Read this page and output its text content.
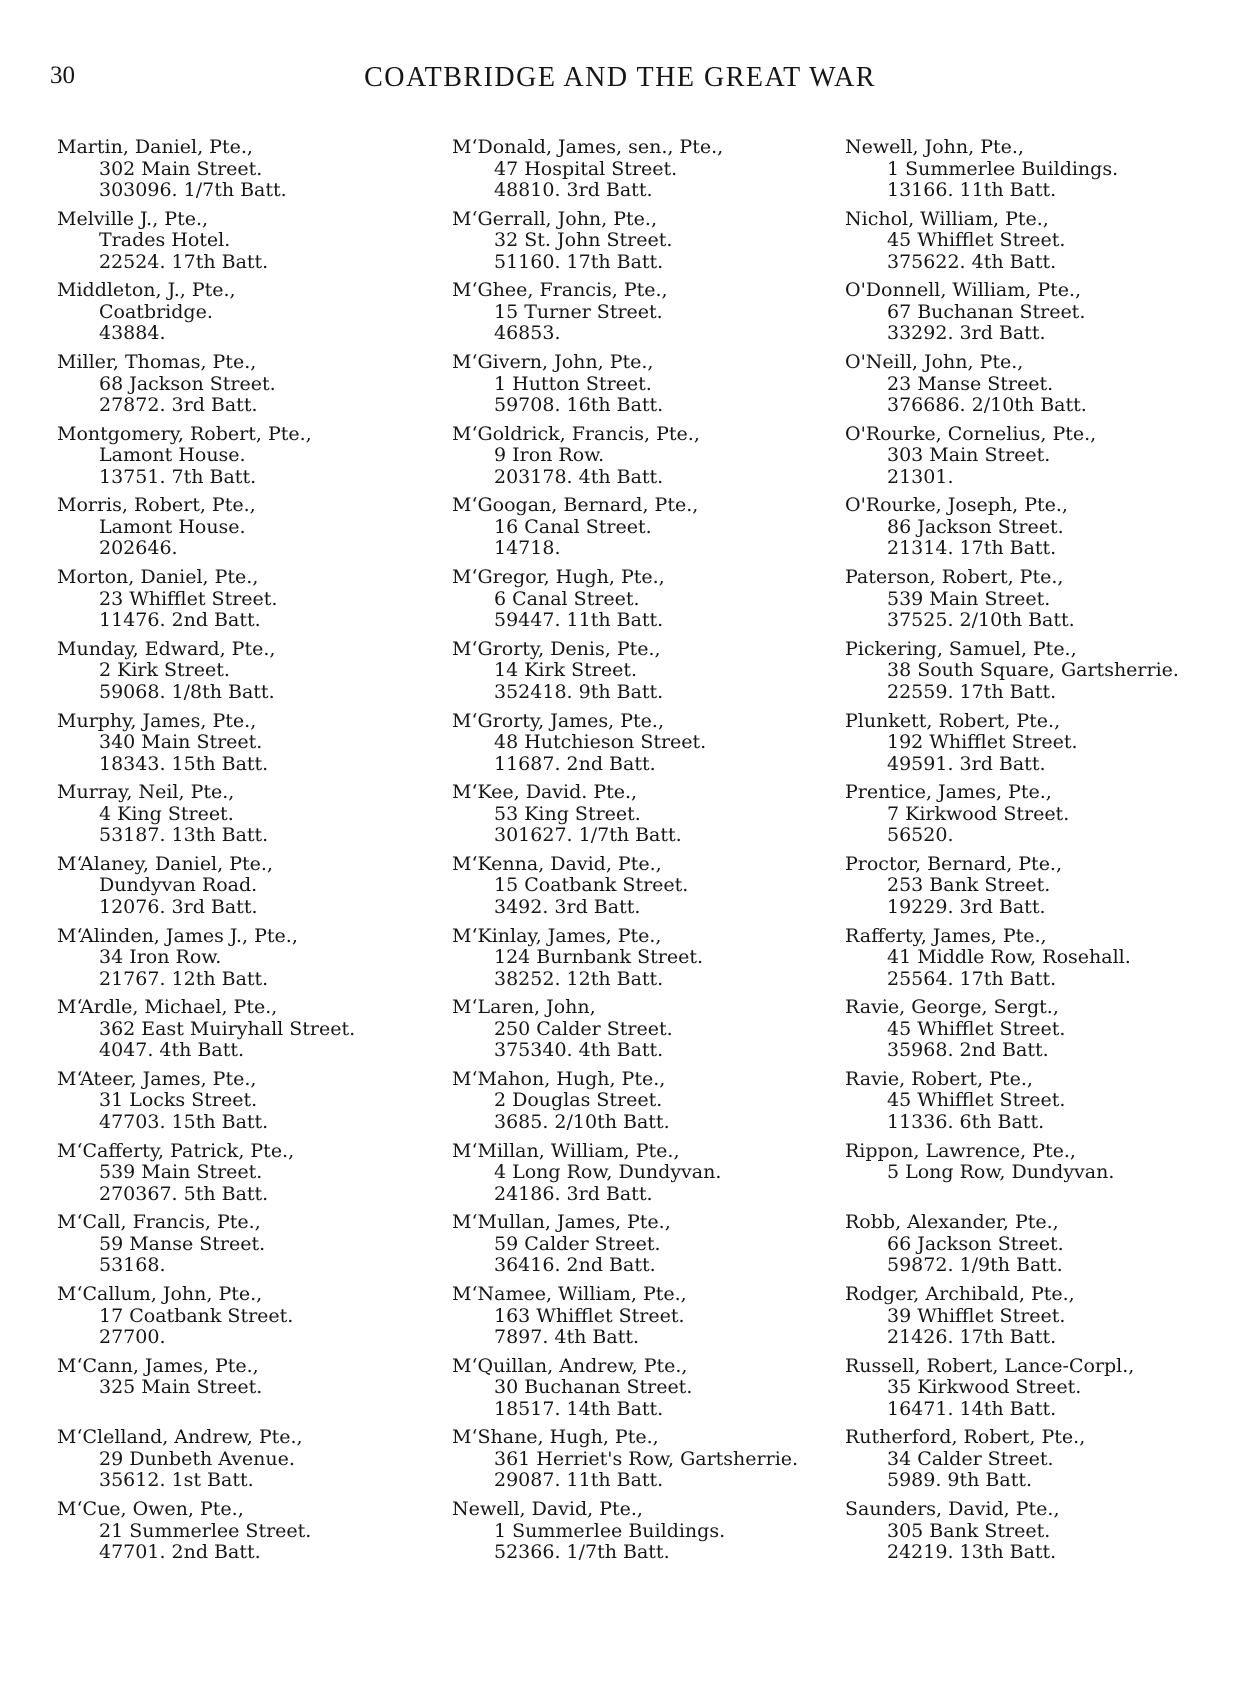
30	COATBRIDGE AND THE GREAT WAR
Martin, Daniel, Pte.,
302 Main Street.
303096. 1/7th Batt.
Melville J., Pte.,
Trades Hotel.
22524. 17th Batt.
Middleton, J., Pte.,
Coatbridge.
43884.
Miller, Thomas, Pte.,
68 Jackson Street.
27872. 3rd Batt.
Montgomery, Robert, Pte.,
Lamont House.
13751. 7th Batt.
Morris, Robert, Pte.,
Lamont House.
202646.
Morton, Daniel, Pte.,
23 Whifflet Street.
11476. 2nd Batt.
Munday, Edward, Pte.,
2 Kirk Street.
59068. 1/8th Batt.
Murphy, James, Pte.,
340 Main Street.
18343. 15th Batt.
Murray, Neil, Pte.,
4 King Street.
53187. 13th Batt.
M‘Alaney, Daniel, Pte.,
Dundyvan Road.
12076. 3rd Batt.
M‘Alinden, James J., Pte.,
34 Iron Row.
21767. 12th Batt.
M‘Ardle, Michael, Pte.,
362 East Muiryhall Street.
4047. 4th Batt.
M‘Ateer, James, Pte.,
31 Locks Street.
47703. 15th Batt.
M‘Cafferty, Patrick, Pte.,
539 Main Street.
270367. 5th Batt.
M‘Call, Francis, Pte.,
59 Manse Street.
53168.
M‘Callum, John, Pte.,
17 Coatbank Street.
27700.
M‘Cann, James, Pte.,
325 Main Street.
M‘Clelland, Andrew, Pte.,
29 Dunbeth Avenue.
35612. 1st Batt.
M‘Cue, Owen, Pte.,
21 Summerlee Street.
47701. 2nd Batt.
M‘Donald, James, sen., Pte.,
47 Hospital Street.
48810. 3rd Batt.
M‘Gerrall, John, Pte.,
32 St. John Street.
51160. 17th Batt.
M‘Ghee, Francis, Pte.,
15 Turner Street.
46853.
M‘Givern, John, Pte.,
1 Hutton Street.
59708. 16th Batt.
M‘Goldrick, Francis, Pte.,
9 Iron Row.
203178. 4th Batt.
M‘Googan, Bernard, Pte.,
16 Canal Street.
14718.
M‘Gregor, Hugh, Pte.,
6 Canal Street.
59447. 11th Batt.
M‘Grorty, Denis, Pte.,
14 Kirk Street.
352418. 9th Batt.
M‘Grorty, James, Pte.,
48 Hutchieson Street.
11687. 2nd Batt.
M‘Kee, David. Pte.,
53 King Street.
301627. 1/7th Batt.
M‘Kenna, David, Pte.,
15 Coatbank Street.
3492. 3rd Batt.
M‘Kinlay, James, Pte.,
124 Burnbank Street.
38252. 12th Batt.
M‘Laren, John,
250 Calder Street.
375340. 4th Batt.
M‘Mahon, Hugh, Pte.,
2 Douglas Street.
3685. 2/10th Batt.
M‘Millan, William, Pte.,
4 Long Row, Dundyvan.
24186. 3rd Batt.
M‘Mullan, James, Pte.,
59 Calder Street.
36416. 2nd Batt.
M‘Namee, William, Pte.,
163 Whifflet Street.
7897. 4th Batt.
M‘Quillan, Andrew, Pte.,
30 Buchanan Street.
18517. 14th Batt.
M‘Shane, Hugh, Pte.,
361 Herriet's Row, Gartsherrie.
29087. 11th Batt.
Newell, David, Pte.,
1 Summerlee Buildings.
52366. 1/7th Batt.
Newell, John, Pte.,
1 Summerlee Buildings.
13166. 11th Batt.
Nichol, William, Pte.,
45 Whifflet Street.
375622. 4th Batt.
O'Donnell, William, Pte.,
67 Buchanan Street.
33292. 3rd Batt.
O'Neill, John, Pte.,
23 Manse Street.
376686. 2/10th Batt.
O'Rourke, Cornelius, Pte.,
303 Main Street.
21301.
O'Rourke, Joseph, Pte.,
86 Jackson Street.
21314. 17th Batt.
Paterson, Robert, Pte.,
539 Main Street.
37525. 2/10th Batt.
Pickering, Samuel, Pte.,
38 South Square, Gartsherrie.
22559. 17th Batt.
Plunkett, Robert, Pte.,
192 Whifflet Street.
49591. 3rd Batt.
Prentice, James, Pte.,
7 Kirkwood Street.
56520.
Proctor, Bernard, Pte.,
253 Bank Street.
19229. 3rd Batt.
Rafferty, James, Pte.,
41 Middle Row, Rosehall.
25564. 17th Batt.
Ravie, George, Sergt.,
45 Whifflet Street.
35968. 2nd Batt.
Ravie, Robert, Pte.,
45 Whifflet Street.
11336. 6th Batt.
Rippon, Lawrence, Pte.,
5 Long Row, Dundyvan.
Robb, Alexander, Pte.,
66 Jackson Street.
59872. 1/9th Batt.
Rodger, Archibald, Pte.,
39 Whifflet Street.
21426. 17th Batt.
Russell, Robert, Lance-Corpl.,
35 Kirkwood Street.
16471. 14th Batt.
Rutherford, Robert, Pte.,
34 Calder Street.
5989. 9th Batt.
Saunders, David, Pte.,
305 Bank Street.
24219. 13th Batt.
